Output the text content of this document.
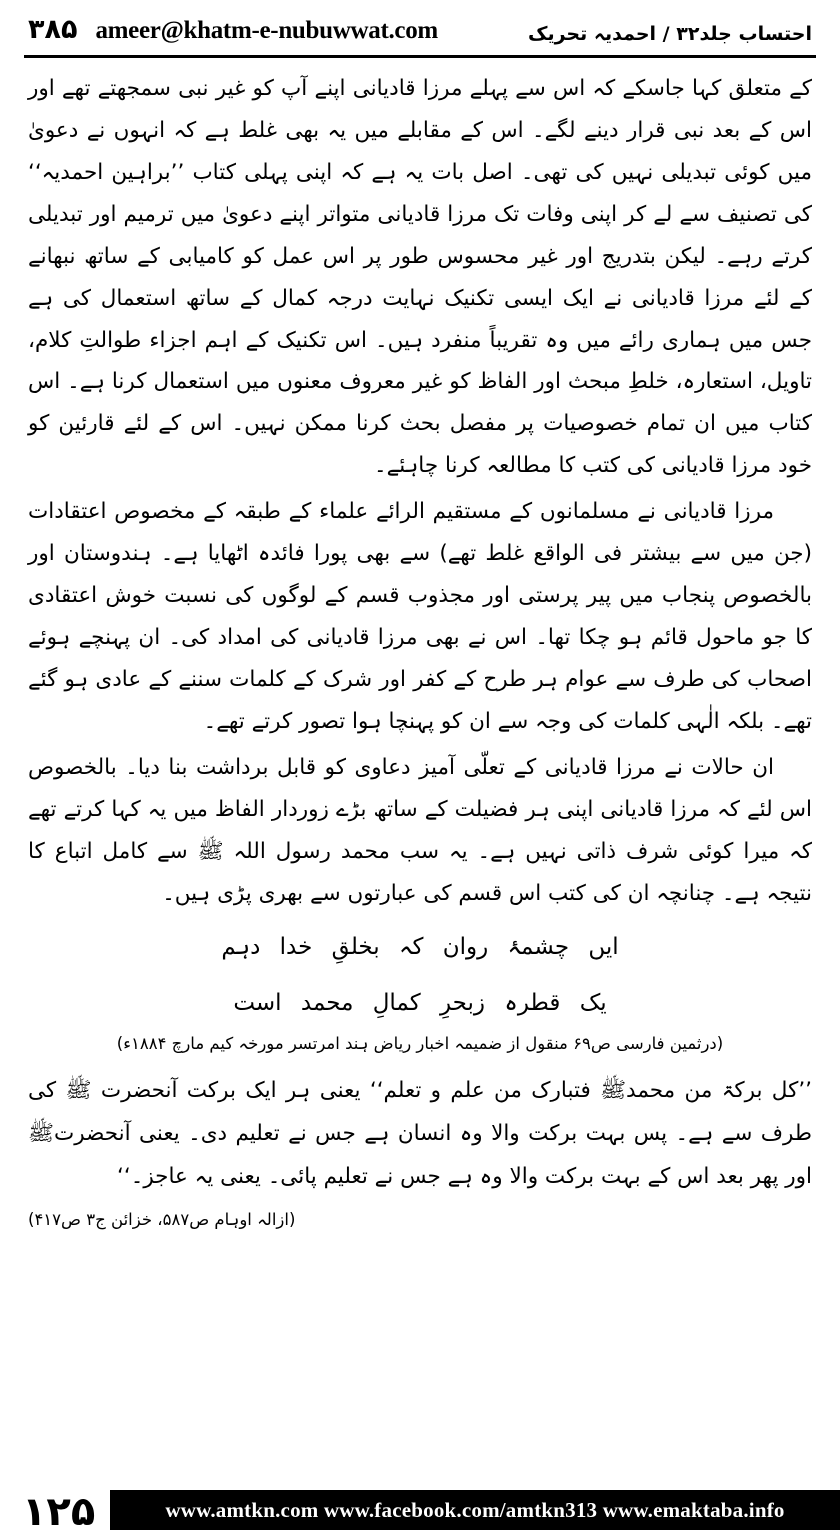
احتساب جلد۳۲ / احمدیہ تحریک
۳۸۵ ameer@khatm-e-nubuwwat.com

کے متعلق کہا جاسکے کہ اس سے پہلے مرزا قادیانی اپنے آپ کو غیر نبی سمجھتے تھے اور اس کے بعد نبی قرار دینے لگے۔ اس کے مقابلے میں یہ بھی غلط ہے کہ انہوں نے دعویٰ میں کوئی تبدیلی نہیں کی تھی۔ اصل بات یہ ہے کہ اپنی پہلی کتاب ’’براہین احمدیہ‘‘ کی تصنیف سے لے کر اپنی وفات تک مرزا قادیانی متواتر اپنے دعویٰ میں ترمیم اور تبدیلی کرتے رہے۔ لیکن بتدریج اور غیر محسوس طور پر اس عمل کو کامیابی کے ساتھ نبھانے کے لئے مرزا قادیانی نے ایک ایسی تکنیک نہایت درجہ کمال کے ساتھ استعمال کی ہے جس میں ہماری رائے میں وہ تقریباً منفرد ہیں۔ اس تکنیک کے اہم اجزاء طوالتِ کلام، تاویل، استعارہ، خلطِ مبحث اور الفاظ کو غیر معروف معنوں میں استعمال کرنا ہے۔ اس کتاب میں ان تمام خصوصیات پر مفصل بحث کرنا ممکن نہیں۔ اس کے لئے قارئین کو خود مرزا قادیانی کی کتب کا مطالعہ کرنا چاہئے۔

مرزا قادیانی نے مسلمانوں کے مستقیم الرائے علماء کے طبقہ کے مخصوص اعتقادات (جن میں سے بیشتر فی الواقع غلط تھے) سے بھی پورا فائدہ اٹھایا ہے۔ ہندوستان اور بالخصوص پنجاب میں پیر پرستی اور مجذوب قسم کے لوگوں کی نسبت خوش اعتقادی کا جو ماحول قائم ہو چکا تھا۔ اس نے بھی مرزا قادیانی کی امداد کی۔ ان پہنچے ہوئے اصحاب کی طرف سے عوام ہر طرح کے کفر اور شرک کے کلمات سننے کے عادی ہو گئے تھے۔ بلکہ الٰہی کلمات کی وجہ سے ان کو پہنچا ہوا تصور کرتے تھے۔

ان حالات نے مرزا قادیانی کے تعلّی آمیز دعاوی کو قابل برداشت بنا دیا۔ بالخصوص اس لئے کہ مرزا قادیانی اپنی ہر فضیلت کے ساتھ بڑے زوردار الفاظ میں یہ کہا کرتے تھے کہ میرا کوئی شرف ذاتی نہیں ہے۔ یہ سب محمد رسول اللہ ﷺ سے کامل اتباع کا نتیجہ ہے۔ چنانچہ ان کی کتب اس قسم کی عبارتوں سے بھری پڑی ہیں۔

ایں چشمۂ روان کہ بخلقِ خدا دہم
یک قطرہ زبحرِ کمالِ محمد است
(درثمین فارسی ص۶۹ منقول از ضمیمہ اخبار ریاض ہند امرتسر مورخہ کیم مارچ ۱۸۸۴ء)

’’کل برکۃ من محمدﷺ فتبارک من علم و تعلم‘‘ یعنی ہر ایک برکت آنحضرت ﷺ کی طرف سے ہے۔ پس بہت برکت والا وہ انسان ہے جس نے تعلیم دی۔ یعنی آنحضرتﷺ اور پھر بعد اس کے بہت برکت والا وہ ہے جس نے تعلیم پائی۔ یعنی یہ عاجز۔‘‘

(ازالہ اوہام ص۵۸۷، خزائن ج۳ ص۴۱۷)
۱۲۵	www.amtkn.com www.facebook.com/amtkn313 www.emaktaba.info
